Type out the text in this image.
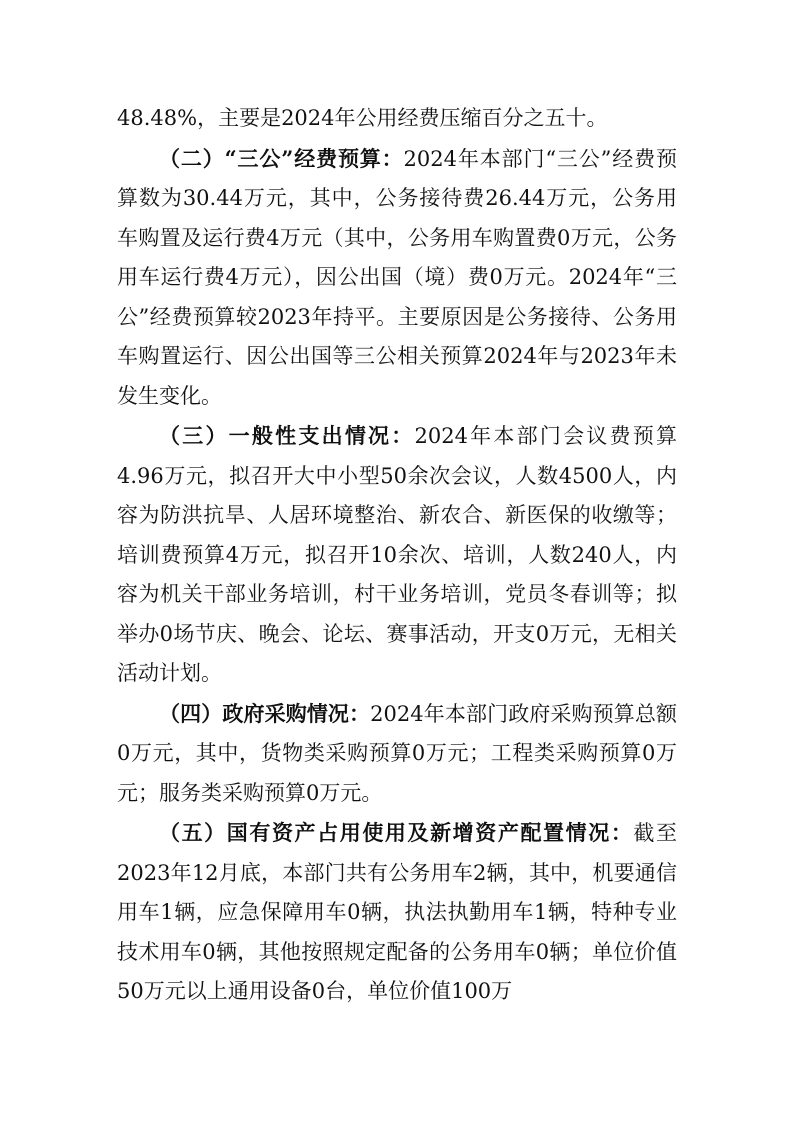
48.48%，主要是2024年公用经费压缩百分之五十。

（二）“三公”经费预算：2024年本部门“三公”经费预算数为30.44万元，其中，公务接待费26.44万元，公务用车购置及运行费4万元（其中，公务用车购置费0万元，公务用车运行费4万元），因公出国（境）费0万元。2024年“三公”经费预算较2023年持平。主要原因是公务接待、公务用车购置运行、因公出国等三公相关预算2024年与2023年未发生变化。

（三）一般性支出情况：2024年本部门会议费预算4.96万元，拟召开大中小型50余次会议，人数4500人，内容为防洪抗旱、人居环境整治、新农合、新医保的收缴等；培训费预算4万元，拟召开10余次、培训，人数240人，内容为机关干部业务培训，村干业务培训，党员冬春训等；拟举办0场节庆、晚会、论坛、赛事活动，开支0万元，无相关活动计划。

（四）政府采购情况：2024年本部门政府采购预算总额0万元，其中，货物类采购预算0万元；工程类采购预算0万元；服务类采购预算0万元。

（五）国有资产占用使用及新增资产配置情况：截至2023年12月底，本部门共有公务用车2辆，其中，机要通信用车1辆，应急保障用车0辆，执法执勤用车1辆，特种专业技术用车0辆，其他按照规定配备的公务用车0辆；单位价值50万元以上通用设备0台，单位价值100万
